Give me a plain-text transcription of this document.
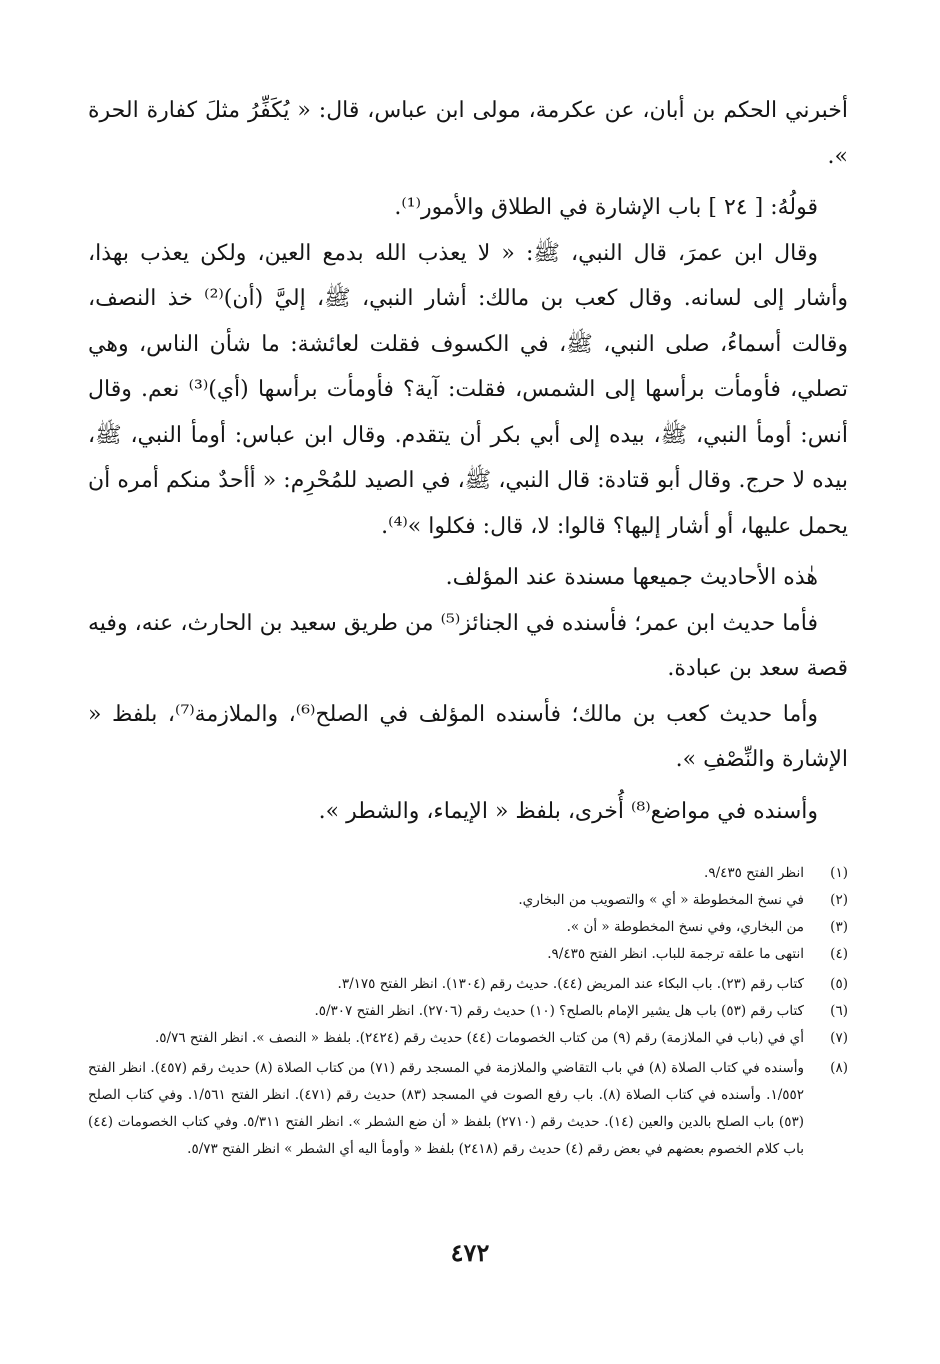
أخبرني الحكم بن أبان، عن عكرمة، مولى ابن عباس، قال: « يُكَفِّرُ مثلَ كفارة الحرة ».

قولُهُ: [ ٢٤ ] باب الإشارة في الطلاق والأمور⁽¹⁾.

وقال ابن عمرَ، قال النبي، ﷺ: « لا يعذب الله بدمع العين، ولكن يعذب بهذا، وأشار إلى لسانه. وقال كعب بن مالك: أشار النبي، ﷺ، إليَّ (أن)⁽²⁾ خذ النصف، وقالت أسماءُ، صلى النبي، ﷺ، في الكسوف فقلت لعائشة: ما شأن الناس، وهي تصلي، فأومأت برأسها إلى الشمس، فقلت: آية؟ فأومأت برأسها (أي)⁽³⁾ نعم. وقال أنس: أومأ النبي، ﷺ، بيده إلى أبي بكر أن يتقدم. وقال ابن عباس: أومأ النبي، ﷺ، بيده لا حرج. وقال أبو قتادة: قال النبي، ﷺ، في الصيد للمُحْرِم: « أأحدٌ منكم أمره أن يحمل عليها، أو أشار إليها؟ قالوا: لا، قال: فكلوا »⁽⁴⁾.

هٰذه الأحاديث جميعها مسندة عند المؤلف.

فأما حديث ابن عمر؛ فأسنده في الجنائز⁽⁵⁾ من طريق سعيد بن الحارث، عنه، وفيه قصة سعد بن عبادة.

وأما حديث كعب بن مالك؛ فأسنده المؤلف في الصلح⁽⁶⁾، والملازمة⁽⁷⁾، بلفظ « الإشارة والنِّصْفِ ».

وأسنده في مواضع⁽⁸⁾ أُخرى، بلفظ « الإيماء، والشطر ».

(١)
انظر الفتح ٩/٤٣٥.
(٢)
في نسخ المخطوطة « أي » والتصويب من البخاري.
(٣)
من البخاري، وفي نسخ المخطوطة « أن ».
(٤)
انتهى ما علقه ترجمة للباب. انظر الفتح ٩/٤٣٥.
(٥)
كتاب رقم (٢٣). باب البكاء عند المريض (٤٤). حديث رقم (١٣٠٤). انظر الفتح ٣/١٧٥.
(٦)
كتاب رقم (٥٣) باب هل يشير الإمام بالصلح؟ (١٠) حديث رقم (٢٧٠٦). انظر الفتح ٥/٣٠٧.
(٧)
أي في (باب في الملازمة) رقم (٩) من كتاب الخصومات (٤٤) حديث رقم (٢٤٢٤). بلفظ « النصف ». انظر الفتح ٥/٧٦.
(٨)
وأسنده في كتاب الصلاة (٨) في باب التقاضي والملازمة في المسجد رقم (٧١) من كتاب الصلاة (٨) حديث رقم (٤٥٧). انظر الفتح ١/٥٥٢. وأسنده في كتاب الصلاة (٨). باب رفع الصوت في المسجد (٨٣) حديث رقم (٤٧١). انظر الفتح ١/٥٦١. وفي كتاب الصلح (٥٣) باب الصلح بالدين والعين (١٤). حديث رقم (٢٧١٠) بلفظ « أن ضع الشطر ». انظر الفتح ٥/٣١١. وفي كتاب الخصومات (٤٤) باب كلام الخصوم بعضهم في بعض رقم (٤) حديث رقم (٢٤١٨) بلفظ « وأومأ اليه أي الشطر » انظر الفتح ٥/٧٣.
٤٧٢
